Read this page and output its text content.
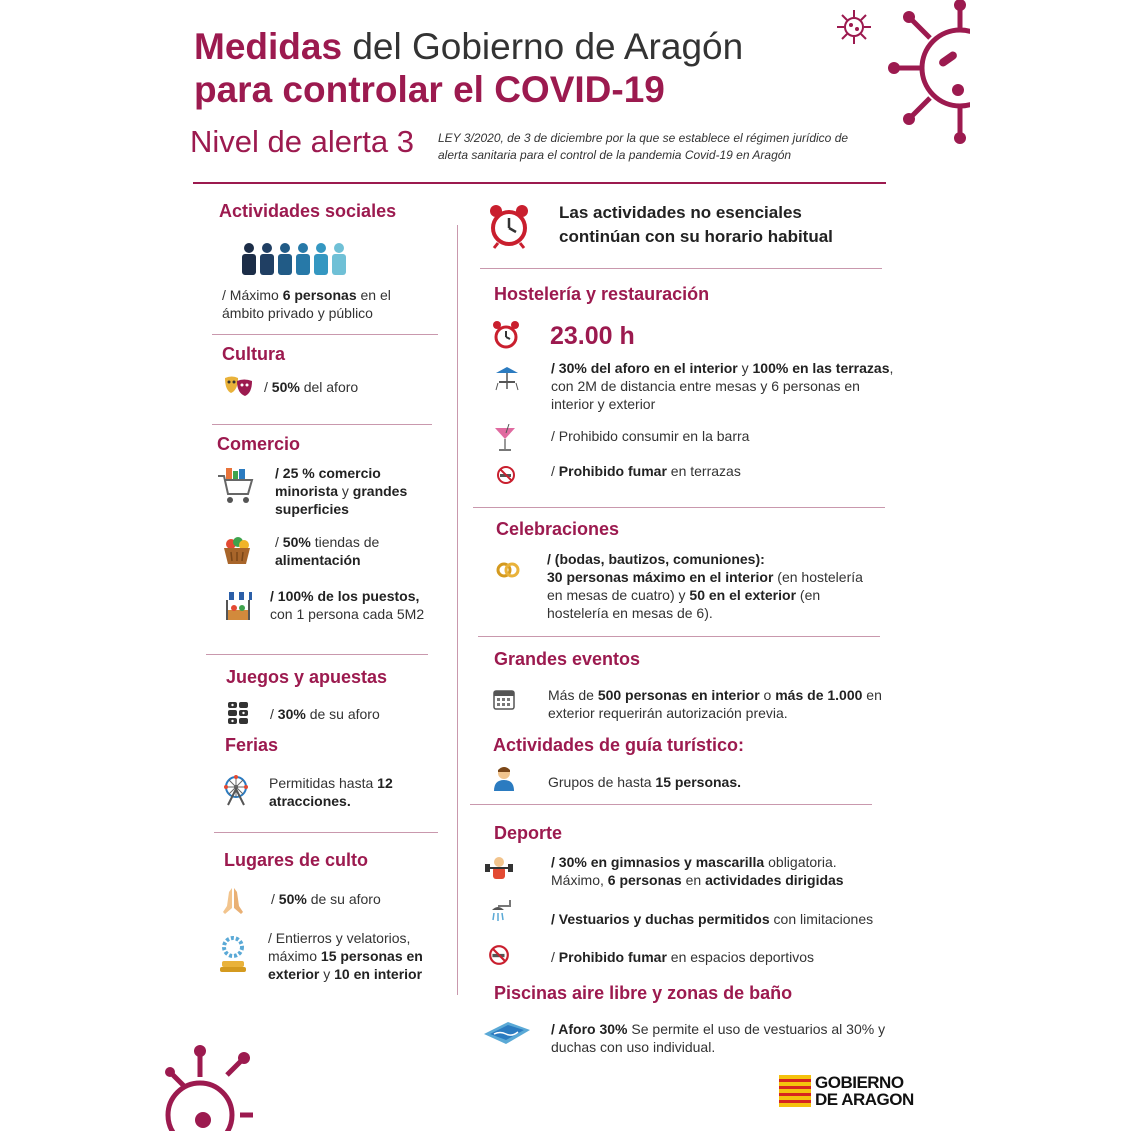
Medidas del Gobierno de Aragón
para controlar el COVID-19
Nivel de alerta 3 LEY 3/2020, de 3 de diciembre por la que se establece el régimen jurídico de alerta sanitaria para el control de la pandemia Covid-19 en Aragón
Actividades sociales
/ Máximo 6 personas en el ámbito privado y público
Cultura
/ 50% del aforo
Comercio
/ 25 % comercio minorista y grandes superficies
/ 50% tiendas de alimentación
/ 100% de los puestos, con 1 persona cada 5M2
Juegos y apuestas
/ 30% de su aforo
Ferias
Permitidas hasta 12 atracciones.
Lugares de culto
/ 50% de su aforo
/ Entierros y velatorios, máximo 15 personas en exterior y 10 en interior
Las actividades no esenciales continúan con su horario habitual
Hostelería y restauración
23.00 h
/ 30% del aforo en el interior y 100% en las terrazas, con 2M de distancia entre mesas y 6 personas en interior y exterior
/ Prohibido consumir en la barra
/ Prohibido fumar en terrazas
Celebraciones
/ (bodas, bautizos, comuniones):
30 personas máximo en el interior (en hostelería en mesas de cuatro) y 50 en el exterior (en hostelería en mesas de 6).
Grandes eventos
Más de 500 personas en interior o más de 1.000 en exterior requerirán autorización previa.
Actividades de guía turístico:
Grupos de hasta 15 personas.
Deporte
/ 30% en gimnasios y mascarilla obligatoria. Máximo, 6 personas en actividades dirigidas
/ Vestuarios y duchas permitidos con limitaciones
/ Prohibido fumar en espacios deportivos
Piscinas aire libre y zonas de baño
/ Aforo 30% Se permite el uso de vestuarios al 30% y duchas con uso individual.
GOBIERNO
DE ARAGON
